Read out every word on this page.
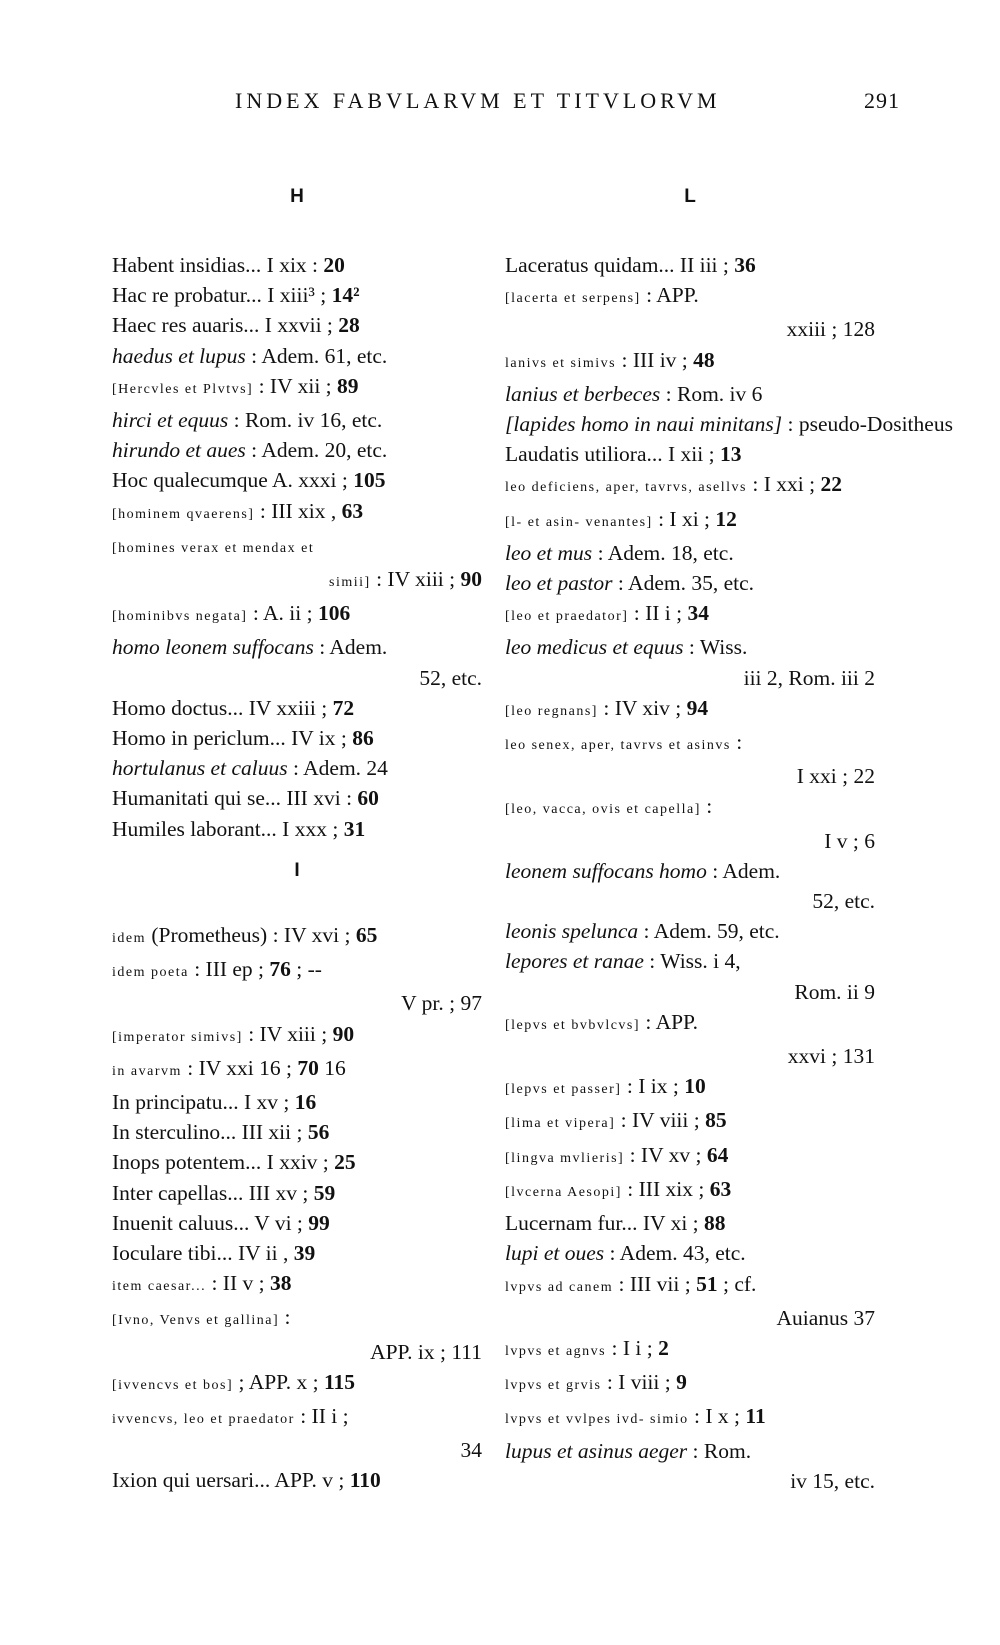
INDEX FABVLARVM ET TITVLORVM	291
H
Habent insidias... I xix : 20
Hac re probatur... I xiii³ ; 14²
Haec res auaris... I xxvii ; 28
haedus et lupus : Adem. 61, etc.
[Hercvles et Plvtvs] : IV xii ; 89
hirci et equus : Rom. iv 16, etc.
hirundo et aues : Adem. 20, etc.
Hoc qualecumque A. xxxi ; 105
[hominem qvaerens] : III xix , 63
[homines verax et mendax et
simii] : IV xiii ; 90
[hominibvs negata] : A. ii ; 106
homo leonem suffocans : Adem.
52, etc.
Homo doctus... IV xxiii ; 72
Homo in periclum... IV ix ; 86
hortulanus et caluus : Adem. 24
Humanitati qui se... III xvi : 60
Humiles laborant... I xxx ; 31
I
idem (Prometheus) : IV xvi ; 65
idem poeta : III ep ; 76 ; --
V pr. ; 97
[imperator simivs] : IV xiii ; 90
in avarvm : IV xxi 16 ; 70 16
In principatu... I xv ; 16
In sterculino... III xii ; 56
Inops potentem... I xxiv ; 25
Inter capellas... III xv ; 59
Inuenit caluus... V vi ; 99
Ioculare tibi... IV ii , 39
item caesar... : II v ; 38
[Ivno, Venvs et gallina] :
APP. ix ; 111
[ivvencvs et bos] ; APP. x ; 115
ivvencvs, leo et praedator : II i ;
34
Ixion qui uersari... APP. v ; 110
L
Laceratus quidam... II iii ; 36
[lacerta et serpens] : APP.
xxiii ; 128
lanivs et simivs : III iv ; 48
lanius et berbeces : Rom. iv 6
[lapides homo in naui minitans] : pseudo-Dositheus
Laudatis utiliora... I xii ; 13
leo deficiens, aper, tavrvs, asellvs : I xxi ; 22
[l- et asin- venantes] : I xi ; 12
leo et mus : Adem. 18, etc.
leo et pastor : Adem. 35, etc.
[leo et praedator] : II i ; 34
leo medicus et equus : Wiss.
iii 2, Rom. iii 2
[leo regnans] : IV xiv ; 94
leo senex, aper, tavrvs et asinvs :
I xxi ; 22
[leo, vacca, ovis et capella] :
I v ; 6
leonem suffocans homo : Adem.
52, etc.
leonis spelunca : Adem. 59, etc.
lepores et ranae : Wiss. i 4,
Rom. ii 9
[lepvs et bvbvlcvs] : APP.
xxvi ; 131
[lepvs et passer] : I ix ; 10
[lima et vipera] : IV viii ; 85
[lingva mvlieris] : IV xv ; 64
[lvcerna Aesopi] : III xix ; 63
Lucernam fur... IV xi ; 88
lupi et oues : Adem. 43, etc.
lvpvs ad canem : III vii ; 51 ; cf.
Auianus 37
lvpvs et agnvs : I i ; 2
lvpvs et grvis : I viii ; 9
lvpvs et vvlpes ivd- simio : I x ; 11
lupus et asinus aeger : Rom.
iv 15, etc.
